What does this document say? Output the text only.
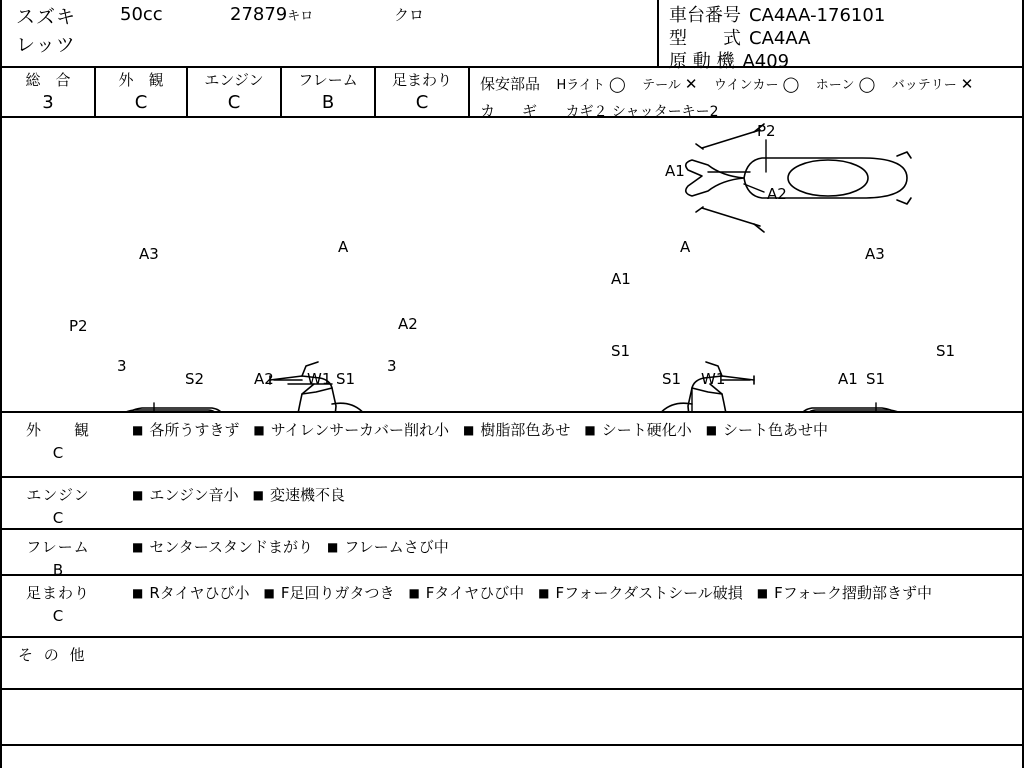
スズキ 50cc	27879キロ	クロ
レッツ
車台番号 CA4AA-176101
型　　式 CA4AA
原 動 機 A409
総　合
3
外　観
C
エンジン
C
フレーム
B
足まわり
C
保安部品 Hライト ◯ テール ✕ ウインカー ◯ ホーン ◯ バッテリー ✕
カ　ギ カギ２ シャッターキー2
P2
A1
A2
A3	A
P2	A2
3
S2	A2 W1 S1
3
A	A3
A1
S1
S1 W1	A1 S1
S1
外　　観
C
■ 各所うすきず ■ サイレンサーカバー削れ小 ■ 樹脂部色あせ ■ シート硬化小 ■ シート色あせ中
エンジン
C
■ エンジン音小 ■ 変速機不良
フレーム
B
■ センタースタンドまがり ■ フレームさび中
足まわり
C
■ Rタイヤひび小 ■ F足回りガタつき ■ Fタイヤひび中 ■ Fフォークダストシール破損 ■ Fフォーク摺動部きず中
そ の 他
